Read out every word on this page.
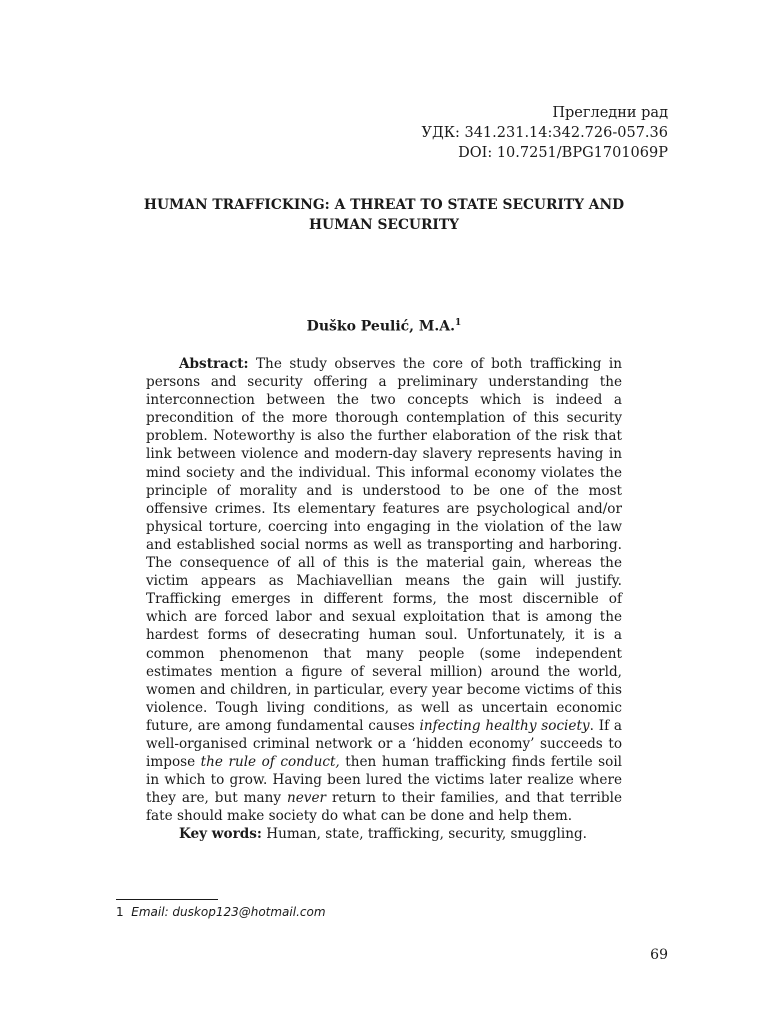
Прегледни рад
УДК: 341.231.14:342.726-057.36
DOI: 10.7251/BPG1701069P
HUMAN TRAFFICKING: A THREAT TO STATE SECURITY AND HUMAN SECURITY
Duško Peulić, M.A.$^1$

Abstract: The study observes the core of both trafficking in persons and security offering a preliminary understanding the interconnection between the two concepts which is indeed a precondition of the more thorough contemplation of this security problem. Noteworthy is also the further elaboration of the risk that link between violence and modern-day slavery represents having in mind society and the individual. This informal economy violates the principle of morality and is understood to be one of the most offensive crimes. Its elementary features are psychological and/or physical torture, coercing into engaging in the violation of the law and established social norms as well as transporting and harboring. The consequence of all of this is the material gain, whereas the victim appears as Machiavellian means the gain will justify. Trafficking emerges in different forms, the most discernible of which are forced labor and sexual exploitation that is among the hardest forms of desecrating human soul. Unfortunately, it is a common phenomenon that many people (some independent estimates mention a figure of several million) around the world, women and children, in particular, every year become victims of this violence. Tough living conditions, as well as uncertain economic future, are among fundamental causes infecting healthy society. If a well-organised criminal network or a ‘hidden economy’ succeeds to impose the rule of conduct, then human trafficking finds fertile soil in which to grow. Having been lured the victims later realize where they are, but many never return to their families, and that terrible fate should make society do what can be done and help them.

Key words: Human, state, trafficking, security, smuggling.

1 Email: duskop123@hotmail.com
69
